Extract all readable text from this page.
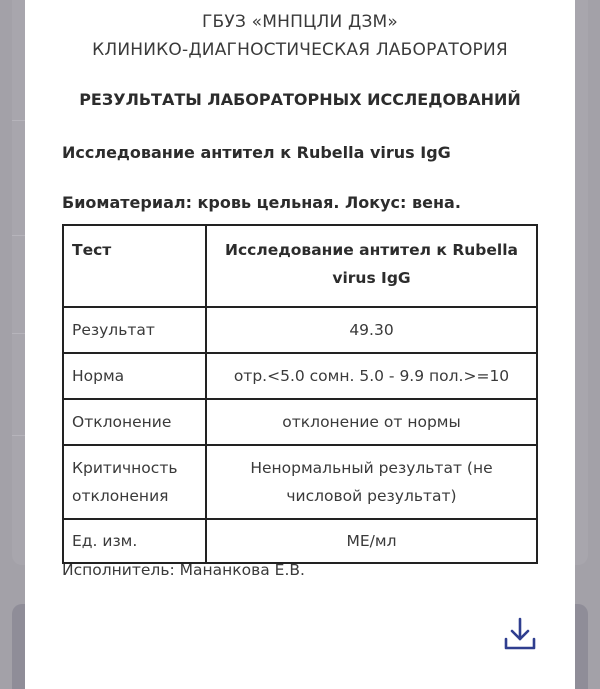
ГБУЗ «МНПЦЛИ ДЗМ»
КЛИНИКО-ДИАГНОСТИЧЕСКАЯ ЛАБОРАТОРИЯ
РЕЗУЛЬТАТЫ ЛАБОРАТОРНЫХ ИССЛЕДОВАНИЙ
Исследование антител к Rubella virus IgG
Биоматериал: кровь цельная. Локус: вена.
Тест	Исследование антител к Rubella virus IgG
Результат	49.30
Норма	отр.<5.0 сомн. 5.0 - 9.9 пол.>=10
Отклонение	отклонение от нормы
Критичность отклонения	Ненормальный результат (не числовой результат)
Ед. изм.	МЕ/мл
Исполнитель: Мананкова Е.В.
